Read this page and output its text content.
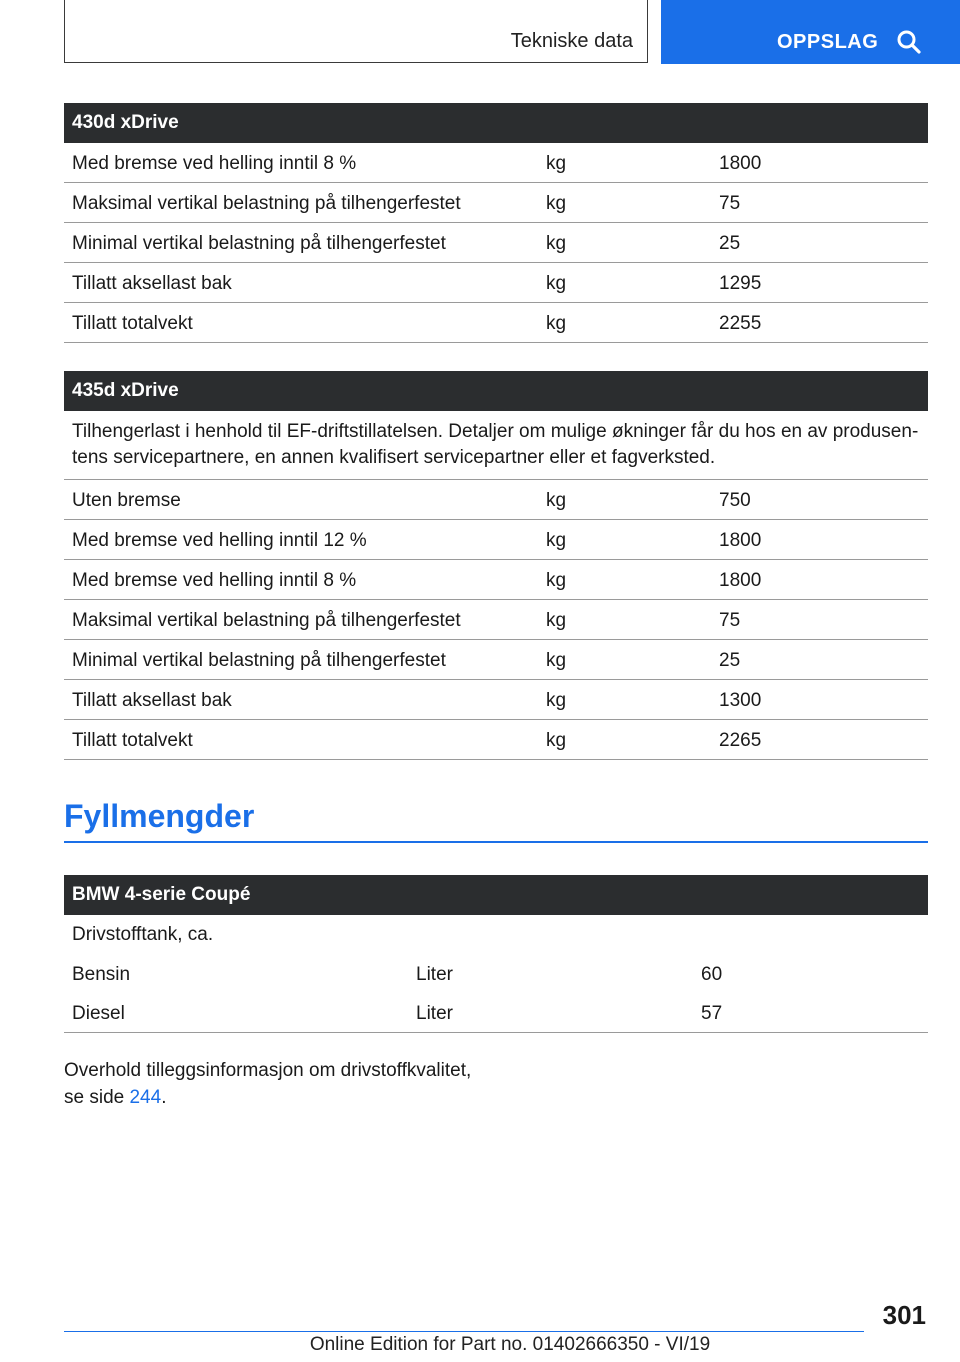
Tekniske data	OPPSLAG
430d xDrive
Med bremse ved helling inntil 8 %	kg	1800
Maksimal vertikal belastning på tilhengerfestet	kg	75
Minimal vertikal belastning på tilhengerfestet	kg	25
Tillatt aksellast bak	kg	1295
Tillatt totalvekt	kg	2255
435d xDrive
Tilhengerlast i henhold til EF-driftstillatelsen. Detaljer om mulige økninger får du hos en av produsentens servicepartnere, en annen kvalifisert servicepartner eller et fagverksted.
Uten bremse	kg	750
Med bremse ved helling inntil 12 %	kg	1800
Med bremse ved helling inntil 8 %	kg	1800
Maksimal vertikal belastning på tilhengerfestet	kg	75
Minimal vertikal belastning på tilhengerfestet	kg	25
Tillatt aksellast bak	kg	1300
Tillatt totalvekt	kg	2265
Fyllmengder
BMW 4-serie Coupé
Drivstofftank, ca.
Bensin	Liter	60
Diesel	Liter	57
Overhold tilleggsinformasjon om drivstoffkvalitet,
se side 244.
301
Online Edition for Part no. 01402666350 - VI/19
